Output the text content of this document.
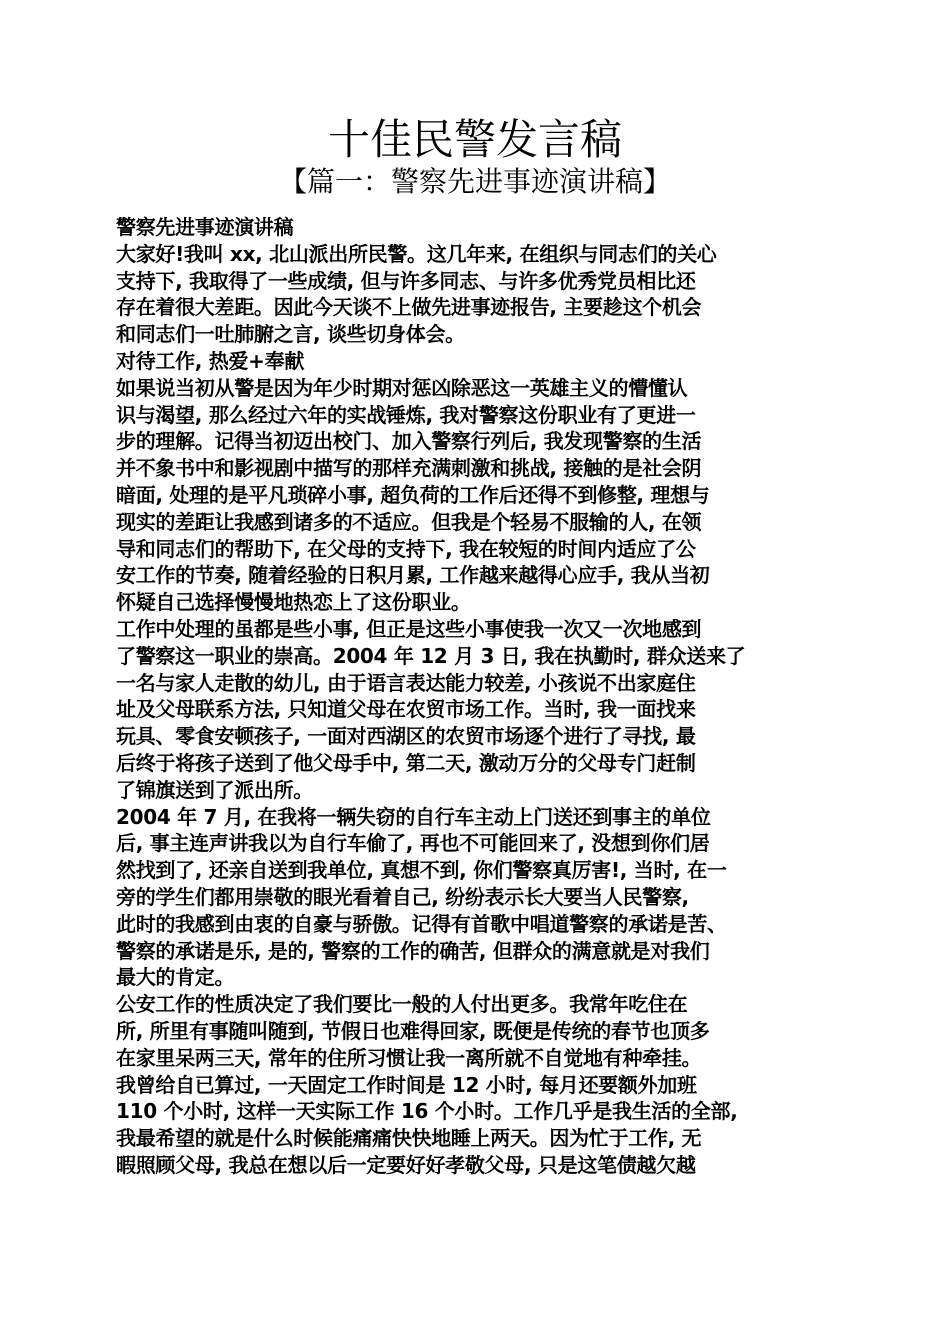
十佳民警发言稿
【篇一：警察先进事迹演讲稿】
警察先进事迹演讲稿
大家好!我叫 xx, 北山派出所民警。这几年来, 在组织与同志们的关心
支持下, 我取得了一些成绩, 但与许多同志、与许多优秀党员相比还
存在着很大差距。因此今天谈不上做先进事迹报告, 主要趁这个机会
和同志们一吐肺腑之言, 谈些切身体会。
对待工作, 热爱+奉献
如果说当初从警是因为年少时期对惩凶除恶这一英雄主义的懵懂认
识与渴望, 那么经过六年的实战锤炼, 我对警察这份职业有了更进一
步的理解。记得当初迈出校门、加入警察行列后, 我发现警察的生活
并不象书中和影视剧中描写的那样充满刺激和挑战, 接触的是社会阴
暗面, 处理的是平凡琐碎小事, 超负荷的工作后还得不到修整, 理想与
现实的差距让我感到诸多的不适应。但我是个轻易不服输的人, 在领
导和同志们的帮助下, 在父母的支持下, 我在较短的时间内适应了公
安工作的节奏, 随着经验的日积月累, 工作越来越得心应手, 我从当初
怀疑自己选择慢慢地热恋上了这份职业。
工作中处理的虽都是些小事, 但正是这些小事使我一次又一次地感到
了警察这一职业的崇高。2004 年 12 月 3 日, 我在执勤时, 群众送来了
一名与家人走散的幼儿, 由于语言表达能力较差, 小孩说不出家庭住
址及父母联系方法, 只知道父母在农贸市场工作。当时, 我一面找来
玩具、零食安顿孩子, 一面对西湖区的农贸市场逐个进行了寻找, 最
后终于将孩子送到了他父母手中, 第二天, 激动万分的父母专门赶制
了锦旗送到了派出所。
2004 年 7 月, 在我将一辆失窃的自行车主动上门送还到事主的单位
后, 事主连声讲我以为自行车偷了, 再也不可能回来了, 没想到你们居
然找到了, 还亲自送到我单位, 真想不到, 你们警察真厉害!, 当时, 在一
旁的学生们都用崇敬的眼光看着自己, 纷纷表示长大要当人民警察,
此时的我感到由衷的自豪与骄傲。记得有首歌中唱道警察的承诺是苦、
警察的承诺是乐, 是的, 警察的工作的确苦, 但群众的满意就是对我们
最大的肯定。
公安工作的性质决定了我们要比一般的人付出更多。我常年吃住在
所, 所里有事随叫随到, 节假日也难得回家, 既便是传统的春节也顶多
在家里呆两三天, 常年的住所习惯让我一离所就不自觉地有种牵挂。
我曾给自已算过, 一天固定工作时间是 12 小时, 每月还要额外加班
110 个小时, 这样一天实际工作 16 个小时。工作几乎是我生活的全部,
我最希望的就是什么时候能痛痛快快地睡上两天。因为忙于工作, 无
暇照顾父母, 我总在想以后一定要好好孝敬父母, 只是这笔债越欠越
